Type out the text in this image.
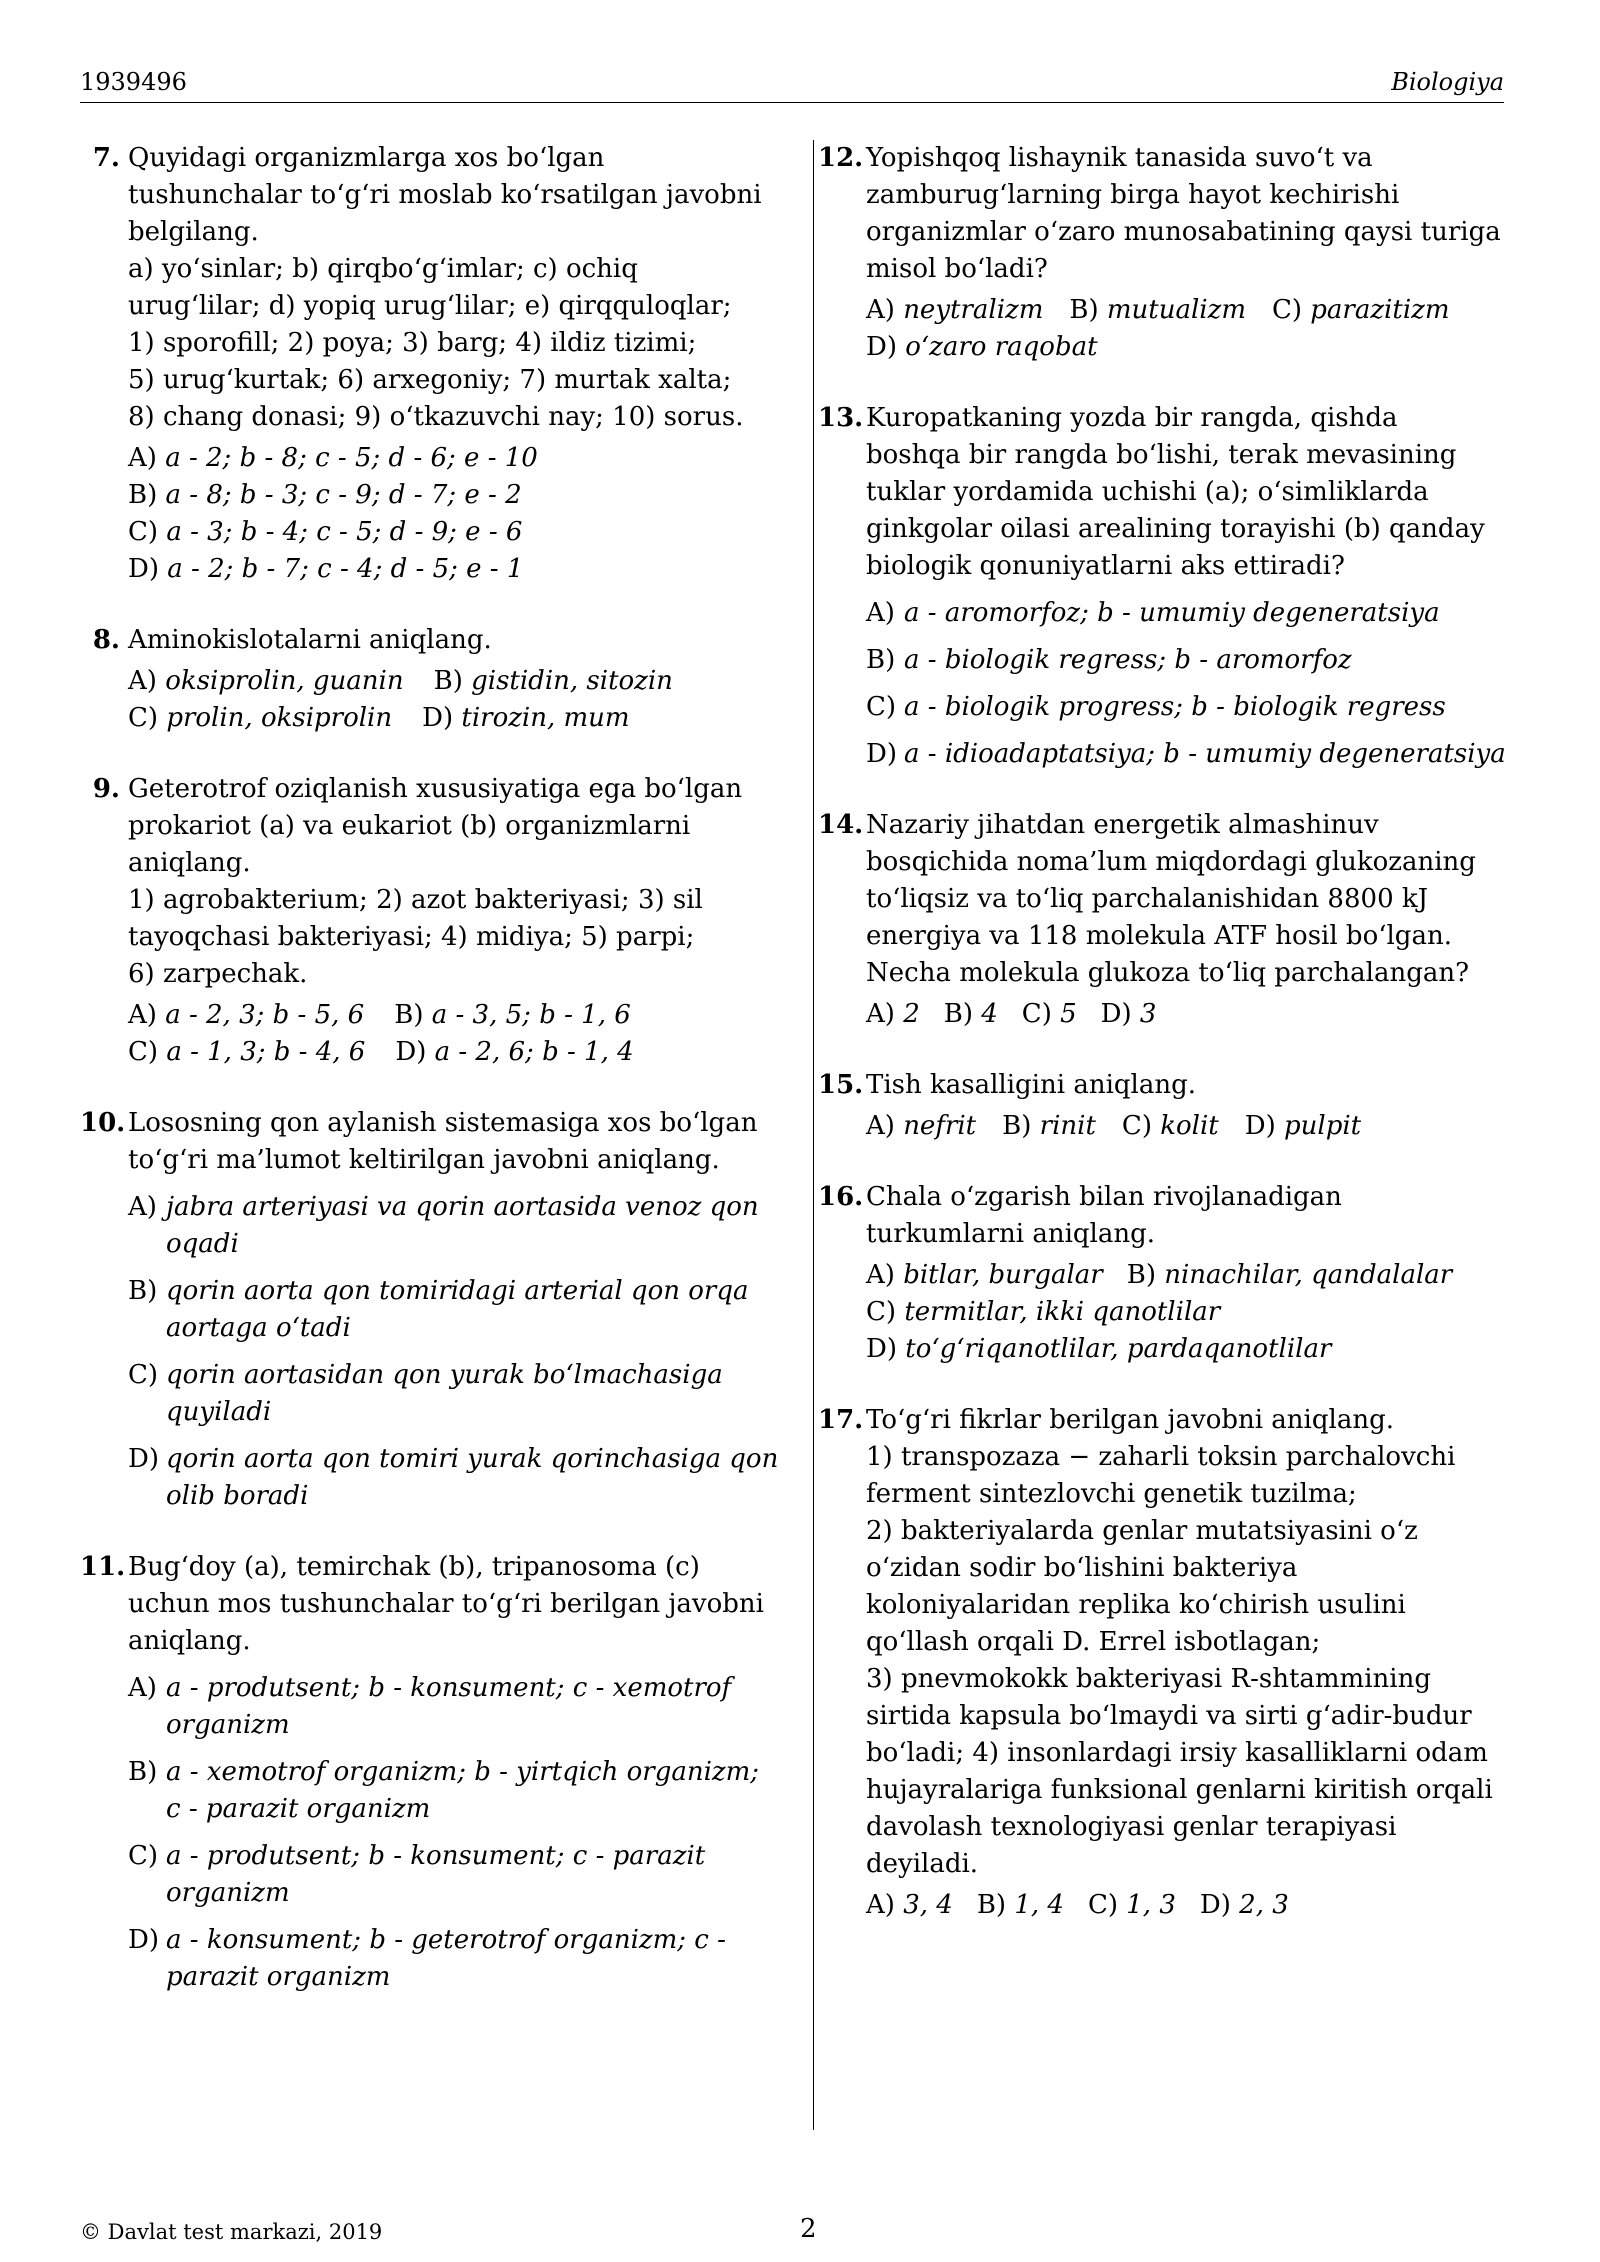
1939496	Biologiya
7. Quyidagi organizmlarga xos bo‘lgan
tushunchalar to‘g‘ri moslab ko‘rsatilgan javobni
belgilang.
a) yo‘sinlar; b) qirqbo‘g‘imlar; c) ochiq
urug‘lilar; d) yopiq urug‘lilar; e) qirqquloqlar;
1) sporofill; 2) poya; 3) barg; 4) ildiz tizimi;
5) urug‘kurtak; 6) arxegoniy; 7) murtak xalta;
8) chang donasi; 9) o‘tkazuvchi nay; 10) sorus.
A) a - 2; b - 8; c - 5; d - 6; e - 10
B) a - 8; b - 3; c - 9; d - 7; e - 2
C) a - 3; b - 4; c - 5; d - 9; e - 6
D) a - 2; b - 7; c - 4; d - 5; e - 1
8. Aminokislotalarni aniqlang.
A) oksiprolin, guanin B) gistidin, sitozin
C) prolin, oksiprolin D) tirozin, mum
9. Geterotrof oziqlanish xususiyatiga ega bo‘lgan
prokariot (a) va eukariot (b) organizmlarni
aniqlang.
1) agrobakterium; 2) azot bakteriyasi; 3) sil
tayoqchasi bakteriyasi; 4) midiya; 5) parpi;
6) zarpechak.
A) a - 2, 3; b - 5, 6 B) a - 3, 5; b - 1, 6
C) a - 1, 3; b - 4, 6 D) a - 2, 6; b - 1, 4
10. Lososning qon aylanish sistemasiga xos bo‘lgan
to‘g‘ri ma’lumot keltirilgan javobni aniqlang.
A) jabra arteriyasi va qorin aortasida venoz qon oqadi
B) qorin aorta qon tomiridagi arterial qon orqa aortaga o‘tadi
C) qorin aortasidan qon yurak bo‘lmachasiga quyiladi
D) qorin aorta qon tomiri yurak qorinchasiga qon olib boradi
11. Bug‘doy (a), temirchak (b), tripanosoma (c)
uchun mos tushunchalar to‘g‘ri berilgan javobni
aniqlang.
A) a - produtsent; b - konsument; c - xemotrof organizm
B) a - xemotrof organizm; b - yirtqich organizm; c - parazit organizm
C) a - produtsent; b - konsument; c - parazit organizm
D) a - konsument; b - geterotrof organizm; c - parazit organizm
12. Yopishqoq lishaynik tanasida suvo‘t va
zamburug‘larning birga hayot kechirishi
organizmlar o‘zaro munosabatining qaysi turiga
misol bo‘ladi?
A) neytralizm B) mutualizm C) parazitizm
D) o‘zaro raqobat
13. Kuropatkaning yozda bir rangda, qishda
boshqa bir rangda bo‘lishi, terak mevasining
tuklar yordamida uchishi (a); o‘simliklarda
ginkgolar oilasi arealining torayishi (b) qanday
biologik qonuniyatlarni aks ettiradi?
A) a - aromorfoz; b - umumiy degeneratsiya
B) a - biologik regress; b - aromorfoz
C) a - biologik progress; b - biologik regress
D) a - idioadaptatsiya; b - umumiy degeneratsiya
14. Nazariy jihatdan energetik almashinuv
bosqichida noma’lum miqdordagi glukozaning
to‘liqsiz va to‘liq parchalanishidan 8800 kJ
energiya va 118 molekula ATF hosil bo‘lgan.
Necha molekula glukoza to‘liq parchalangan?
A) 2 B) 4 C) 5 D) 3
15. Tish kasalligini aniqlang.
A) nefrit B) rinit C) kolit D) pulpit
16. Chala o‘zgarish bilan rivojlanadigan
turkumlarni aniqlang.
A) bitlar, burgalar B) ninachilar, qandalalar
C) termitlar, ikki qanotlilar
D) to‘g‘riqanotlilar, pardaqanotlilar
17. To‘g‘ri fikrlar berilgan javobni aniqlang.
1) transpozaza − zaharli toksin parchalovchi
ferment sintezlovchi genetik tuzilma;
2) bakteriyalarda genlar mutatsiyasini o‘z
o‘zidan sodir bo‘lishini bakteriya
koloniyalaridan replika ko‘chirish usulini
qo‘llash orqali D. Errel isbotlagan;
3) pnevmokokk bakteriyasi R-shtammining
sirtida kapsula bo‘lmaydi va sirti g‘adir-budur
bo‘ladi; 4) insonlardagi irsiy kasalliklarni odam
hujayralariga funksional genlarni kiritish orqali
davolash texnologiyasi genlar terapiyasi
deyiladi.
A) 3, 4 B) 1, 4 C) 1, 3 D) 2, 3
© Davlat test markazi, 2019	2
